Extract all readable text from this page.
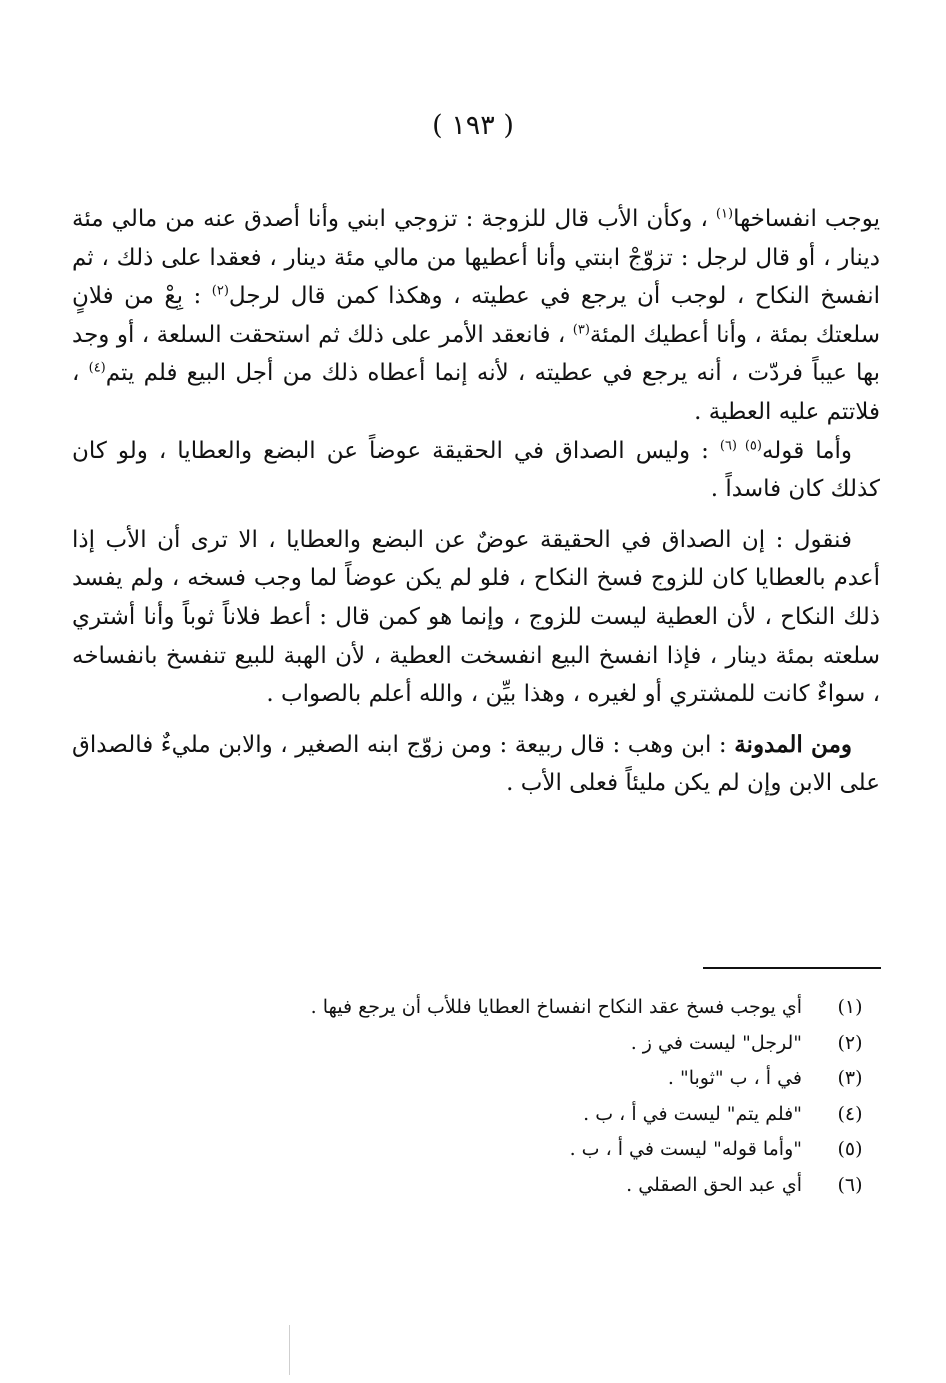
( ١٩٣ )

يوجب انفساخها$^{(١)}$ ، وكأن الأب قال للزوجة : تزوجي ابني وأنا أصدق عنه من مالي مئة دينار ، أو قال لرجل : تزوّجْ ابنتي وأنا أعطيها من مالي مئة دينار ، فعقدا على ذلك ، ثم انفسخ النكاح ، لوجب أن يرجع في عطيته ، وهكذا كمن قال لرجل$^{(٢)}$ : بِعْ من فلانٍ سلعتك بمئة ، وأنا أعطيك المئة$^{(٣)}$ ، فانعقد الأمر على ذلك ثم استحقت السلعة ، أو وجد بها عيباً فردّت ، أنه يرجع في عطيته ، لأنه إنما أعطاه ذلك من أجل البيع فلم يتم$^{(٤)}$ ، فلاتتم عليه العطية .

وأما قوله$^{(٥) (٦)}$ : وليس الصداق في الحقيقة عوضاً عن البضع والعطايا ، ولو كان كذلك كان فاسداً .

فنقول : إن الصداق في الحقيقة عوضٌ عن البضع والعطايا ، الا ترى أن الأب إذا أعدم بالعطايا كان للزوج فسخ النكاح ، فلو لم يكن عوضاً لما وجب فسخه ، ولم يفسد ذلك النكاح ، لأن العطية ليست للزوج ، وإنما هو كمن قال : أعط فلاناً ثوباً وأنا أشتري سلعته بمئة دينار ، فإذا انفسخ البيع انفسخت العطية ، لأن الهبة للبيع تنفسخ بانفساخه ، سواءٌ كانت للمشتري أو لغيره ، وهذا بيِّن ، والله أعلم بالصواب .

ومن المدونة : ابن وهب : قال ربيعة : ومن زوّج ابنه الصغير ، والابن مليءٌ فالصداق على الابن وإن لم يكن مليئاً فعلى الأب .

(١)
أي يوجب فسخ عقد النكاح انفساخ العطايا فللأب أن يرجع فيها .
(٢)
"لرجل" ليست في ز .
(٣)
في أ ، ب "ثوبا" .
(٤)
"فلم يتم" ليست في أ ، ب .
(٥)
"وأما قوله" ليست في أ ، ب .
(٦)
أي عبد الحق الصقلي .
